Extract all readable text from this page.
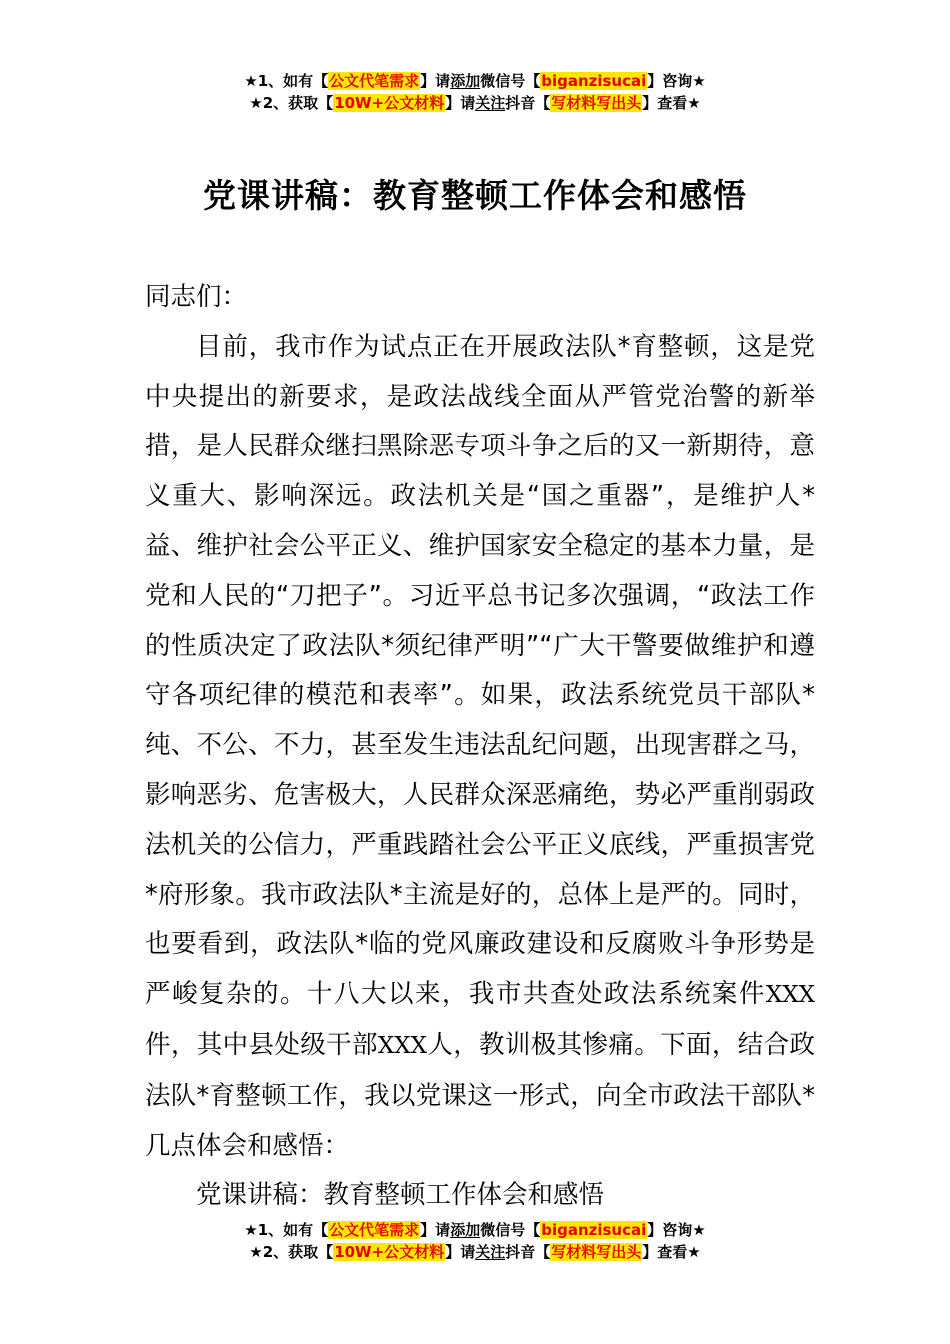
★1、如有【公文代笔需求】请添加微信号【biganzisucai】咨询★
★2、获取【10W+公文材料】请关注抖音【写材料写出头】查看★
党课讲稿：教育整顿工作体会和感悟

同志们：

目前，我市作为试点正在开展政法队*育整顿，这是党中央提出的新要求，是政法战线全面从严管党治警的新举措，是人民群众继扫黑除恶专项斗争之后的又一新期待，意义重大、影响深远。政法机关是“国之重器”，是维护人*益、维护社会公平正义、维护国家安全稳定的基本力量，是党和人民的“刀把子”。习近平总书记多次强调，“政法工作的性质决定了政法队*须纪律严明”“广大干警要做维护和遵守各项纪律的模范和表率”。如果，政法系统党员干部队*纯、不公、不力，甚至发生违法乱纪问题，出现害群之马，影响恶劣、危害极大，人民群众深恶痛绝，势必严重削弱政法机关的公信力，严重践踏社会公平正义底线，严重损害党*府形象。我市政法队*主流是好的，总体上是严的。同时，也要看到，政法队*临的党风廉政建设和反腐败斗争形势是严峻复杂的。十八大以来，我市共查处政法系统案件XXX件，其中县处级干部XXX人，教训极其惨痛。下面，结合政法队*育整顿工作，我以党课这一形式，向全市政法干部队*几点体会和感悟：

党课讲稿：教育整顿工作体会和感悟

★1、如有【公文代笔需求】请添加微信号【biganzisucai】咨询★
★2、获取【10W+公文材料】请关注抖音【写材料写出头】查看★
